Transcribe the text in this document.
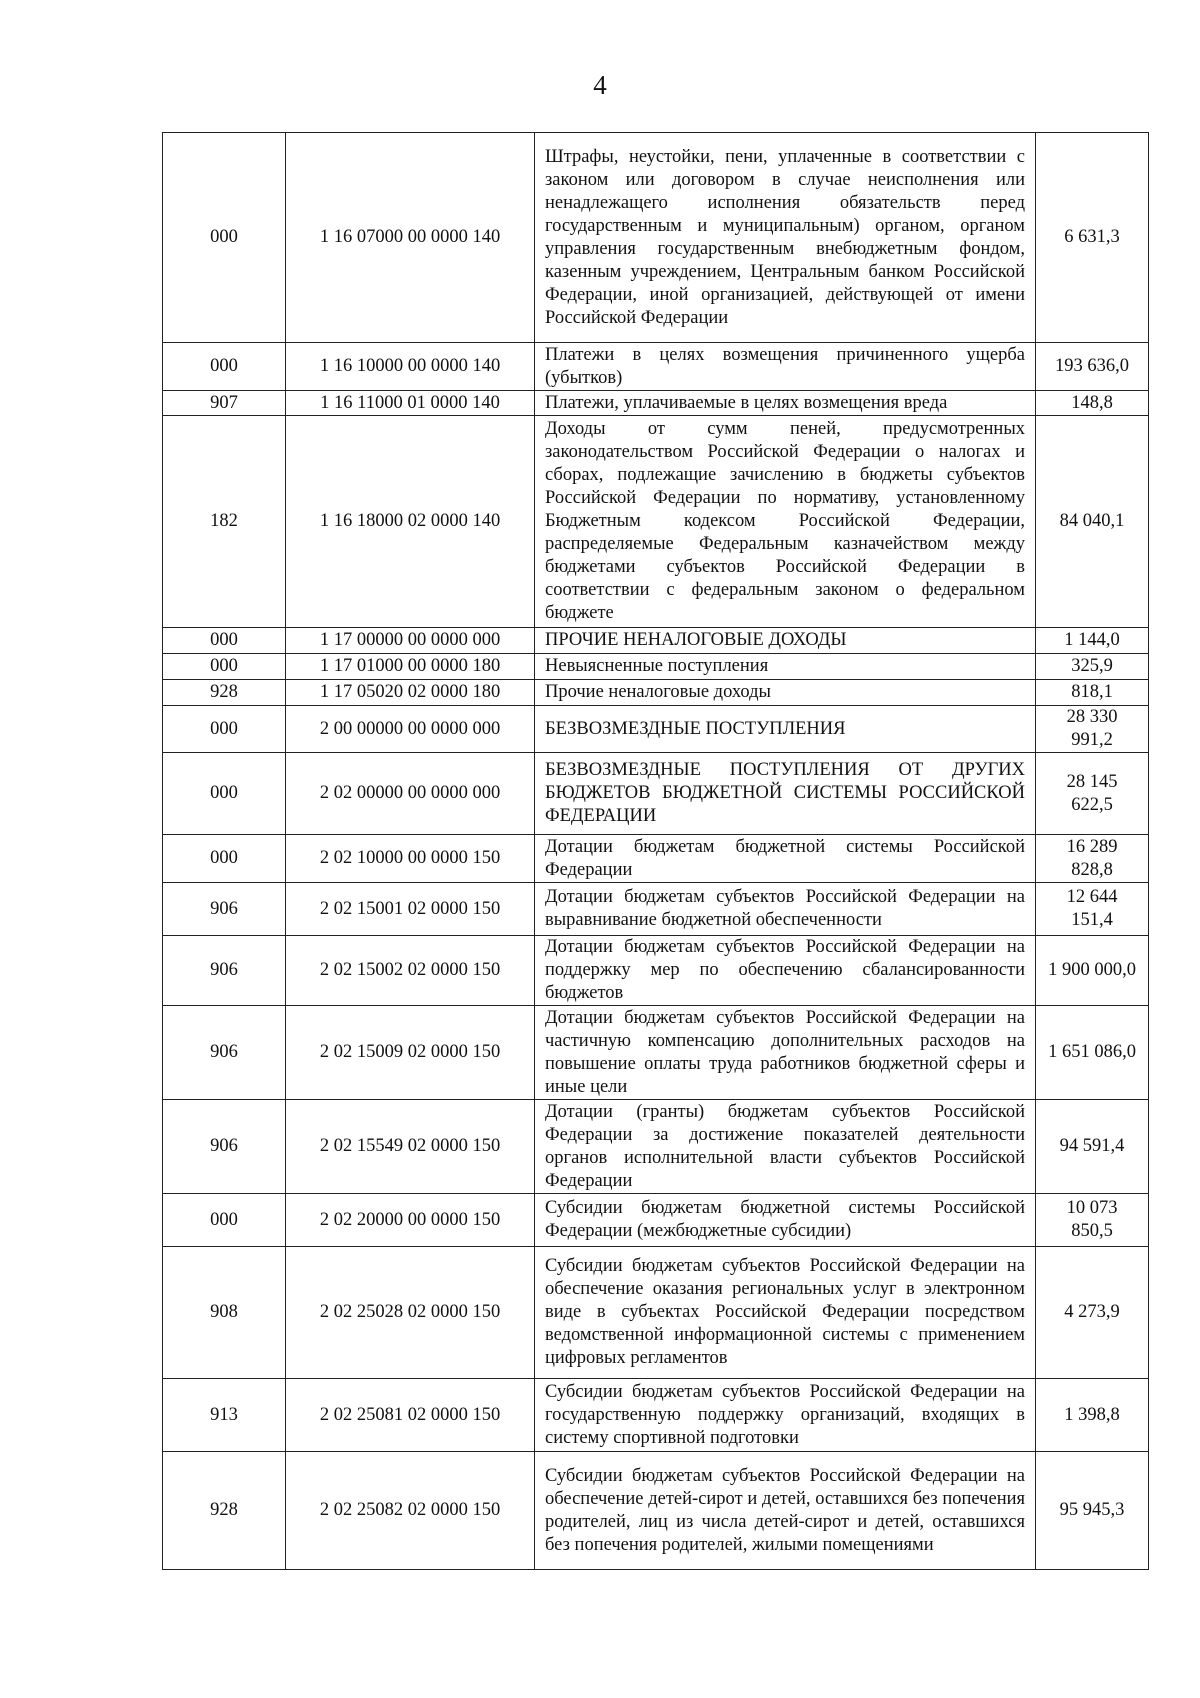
4
000	1 16 07000 00 0000 140	Штрафы, неустойки, пени, уплаченные в соответствии с законом или договором в случае неисполнения или ненадлежащего исполнения обязательств перед государственным и муниципальным) органом, органом управления государственным внебюджетным фондом, казенным учреждением, Центральным банком Российской Федерации, иной организацией, действующей от имени Российской Федерации	6 631,3
000	1 16 10000 00 0000 140	Платежи в целях возмещения причиненного ущерба (убытков)	193 636,0
907	1 16 11000 01 0000 140	Платежи, уплачиваемые в целях возмещения вреда	148,8
182	1 16 18000 02 0000 140	Доходы от сумм пеней, предусмотренных законодательством Российской Федерации о налогах и сборах, подлежащие зачислению в бюджеты субъектов Российской Федерации по нормативу, установленному Бюджетным кодексом Российской Федерации, распределяемые Федеральным казначейством между бюджетами субъектов Российской Федерации в соответствии с федеральным законом о федеральном бюджете	84 040,1
000	1 17 00000 00 0000 000	ПРОЧИЕ НЕНАЛОГОВЫЕ ДОХОДЫ	1 144,0
000	1 17 01000 00 0000 180	Невыясненные поступления	325,9
928	1 17 05020 02 0000 180	Прочие неналоговые доходы	818,1
000	2 00 00000 00 0000 000	БЕЗВОЗМЕЗДНЫЕ ПОСТУПЛЕНИЯ	28 330 991,2
000	2 02 00000 00 0000 000	БЕЗВОЗМЕЗДНЫЕ ПОСТУПЛЕНИЯ ОТ ДРУГИХ БЮДЖЕТОВ БЮДЖЕТНОЙ СИСТЕМЫ РОССИЙСКОЙ ФЕДЕРАЦИИ	28 145 622,5
000	2 02 10000 00 0000 150	Дотации бюджетам бюджетной системы Российской Федерации	16 289 828,8
906	2 02 15001 02 0000 150	Дотации бюджетам субъектов Российской Федерации на выравнивание бюджетной обеспеченности	12 644 151,4
906	2 02 15002 02 0000 150	Дотации бюджетам субъектов Российской Федерации на поддержку мер по обеспечению сбалансированности бюджетов	1 900 000,0
906	2 02 15009 02 0000 150	Дотации бюджетам субъектов Российской Федерации на частичную компенсацию дополнительных расходов на повышение оплаты труда работников бюджетной сферы и иные цели	1 651 086,0
906	2 02 15549 02 0000 150	Дотации (гранты) бюджетам субъектов Российской Федерации за достижение показателей деятельности органов исполнительной власти субъектов Российской Федерации	94 591,4
000	2 02 20000 00 0000 150	Субсидии бюджетам бюджетной системы Российской Федерации (межбюджетные субсидии)	10 073 850,5
908	2 02 25028 02 0000 150	Субсидии бюджетам субъектов Российской Федерации на обеспечение оказания региональных услуг в электронном виде в субъектах Российской Федерации посредством ведомственной информационной системы с применением цифровых регламентов	4 273,9
913	2 02 25081 02 0000 150	Субсидии бюджетам субъектов Российской Федерации на государственную поддержку организаций, входящих в систему спортивной подготовки	1 398,8
928	2 02 25082 02 0000 150	Субсидии бюджетам субъектов Российской Федерации на обеспечение детей-сирот и детей, оставшихся без попечения родителей, лиц из числа детей-сирот и детей, оставшихся без попечения родителей, жилыми помещениями	95 945,3
